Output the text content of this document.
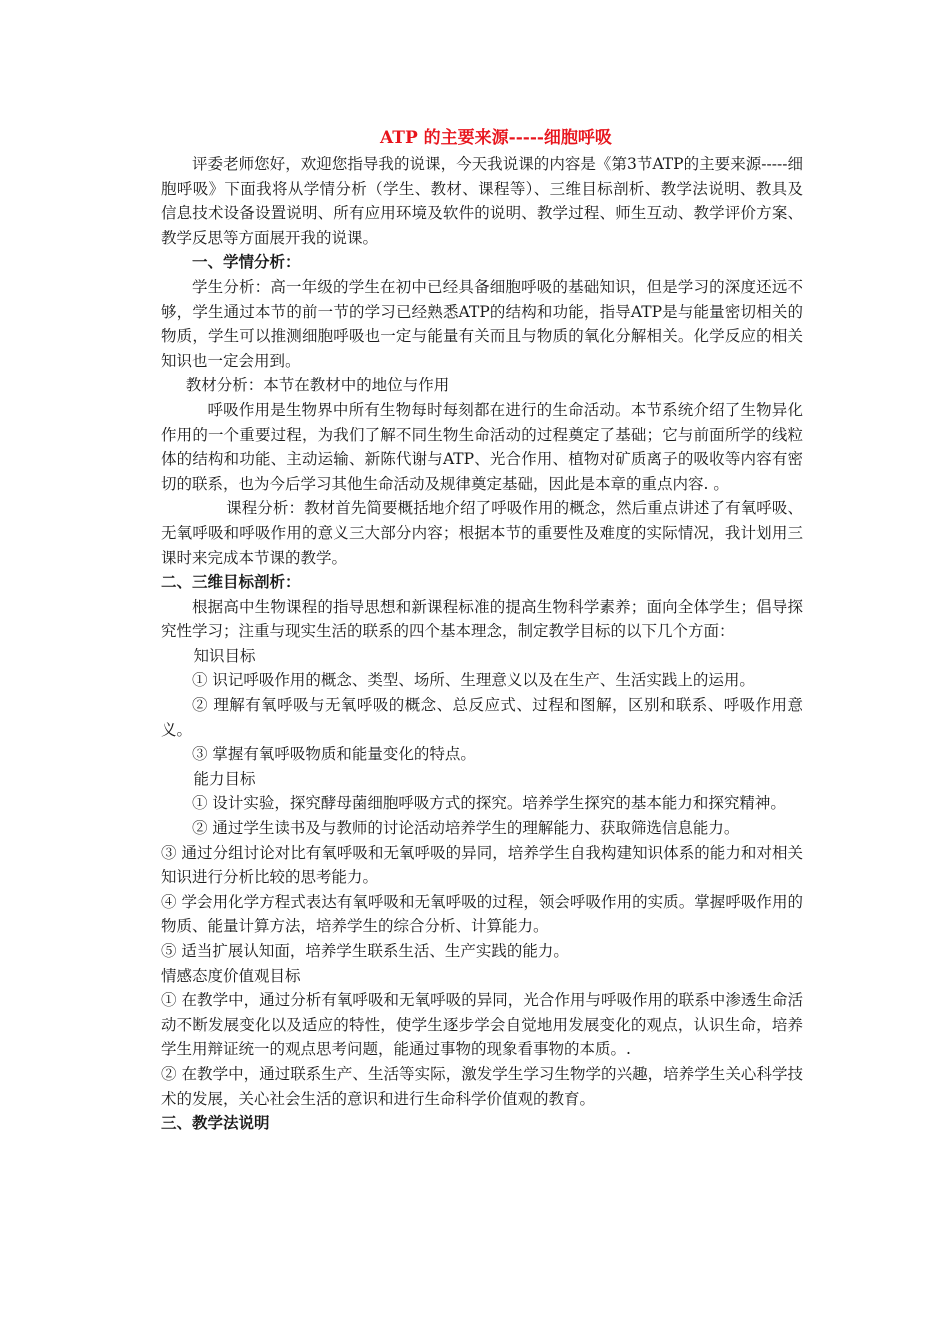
ATP 的主要来源-----细胞呼吸

评委老师您好，欢迎您指导我的说课，今天我说课的内容是《第3节ATP的主要来源-----细胞呼吸》下面我将从学情分析（学生、教材、课程等）、三维目标剖析、教学法说明、教具及信息技术设备设置说明、所有应用环境及软件的说明、教学过程、师生互动、教学评价方案、教学反思等方面展开我的说课。

一、学情分析：

学生分析：高一年级的学生在初中已经具备细胞呼吸的基础知识，但是学习的深度还远不够，学生通过本节的前一节的学习已经熟悉ATP的结构和功能，指导ATP是与能量密切相关的物质，学生可以推测细胞呼吸也一定与能量有关而且与物质的氧化分解相关。化学反应的相关知识也一定会用到。

教材分析：本节在教材中的地位与作用

呼吸作用是生物界中所有生物每时每刻都在进行的生命活动。本节系统介绍了生物异化作用的一个重要过程，为我们了解不同生物生命活动的过程奠定了基础；它与前面所学的线粒体的结构和功能、主动运输、新陈代谢与ATP、光合作用、植物对矿质离子的吸收等内容有密切的联系，也为今后学习其他生命活动及规律奠定基础，因此是本章的重点内容. 。

课程分析：教材首先简要概括地介绍了呼吸作用的概念，然后重点讲述了有氧呼吸、无氧呼吸和呼吸作用的意义三大部分内容；根据本节的重要性及难度的实际情况，我计划用三课时来完成本节课的教学。

二、三维目标剖析：

根据高中生物课程的指导思想和新课程标准的提高生物科学素养；面向全体学生；倡导探究性学习；注重与现实生活的联系的四个基本理念，制定教学目标的以下几个方面：

知识目标

① 识记呼吸作用的概念、类型、场所、生理意义以及在生产、生活实践上的运用。

② 理解有氧呼吸与无氧呼吸的概念、总反应式、过程和图解，区别和联系、呼吸作用意义。

③ 掌握有氧呼吸物质和能量变化的特点。

能力目标

① 设计实验，探究酵母菌细胞呼吸方式的探究。培养学生探究的基本能力和探究精神。

② 通过学生读书及与教师的讨论活动培养学生的理解能力、获取筛选信息能力。

③ 通过分组讨论对比有氧呼吸和无氧呼吸的异同，培养学生自我构建知识体系的能力和对相关知识进行分析比较的思考能力。

④ 学会用化学方程式表达有氧呼吸和无氧呼吸的过程，领会呼吸作用的实质。掌握呼吸作用的物质、能量计算方法，培养学生的综合分析、计算能力。

⑤ 适当扩展认知面，培养学生联系生活、生产实践的能力。

情感态度价值观目标

① 在教学中，通过分析有氧呼吸和无氧呼吸的异同，光合作用与呼吸作用的联系中渗透生命活动不断发展变化以及适应的特性，使学生逐步学会自觉地用发展变化的观点，认识生命，培养学生用辩证统一的观点思考问题，能通过事物的现象看事物的本质。.

② 在教学中，通过联系生产、生活等实际，激发学生学习生物学的兴趣，培养学生关心科学技术的发展，关心社会生活的意识和进行生命科学价值观的教育。

三、教学法说明
